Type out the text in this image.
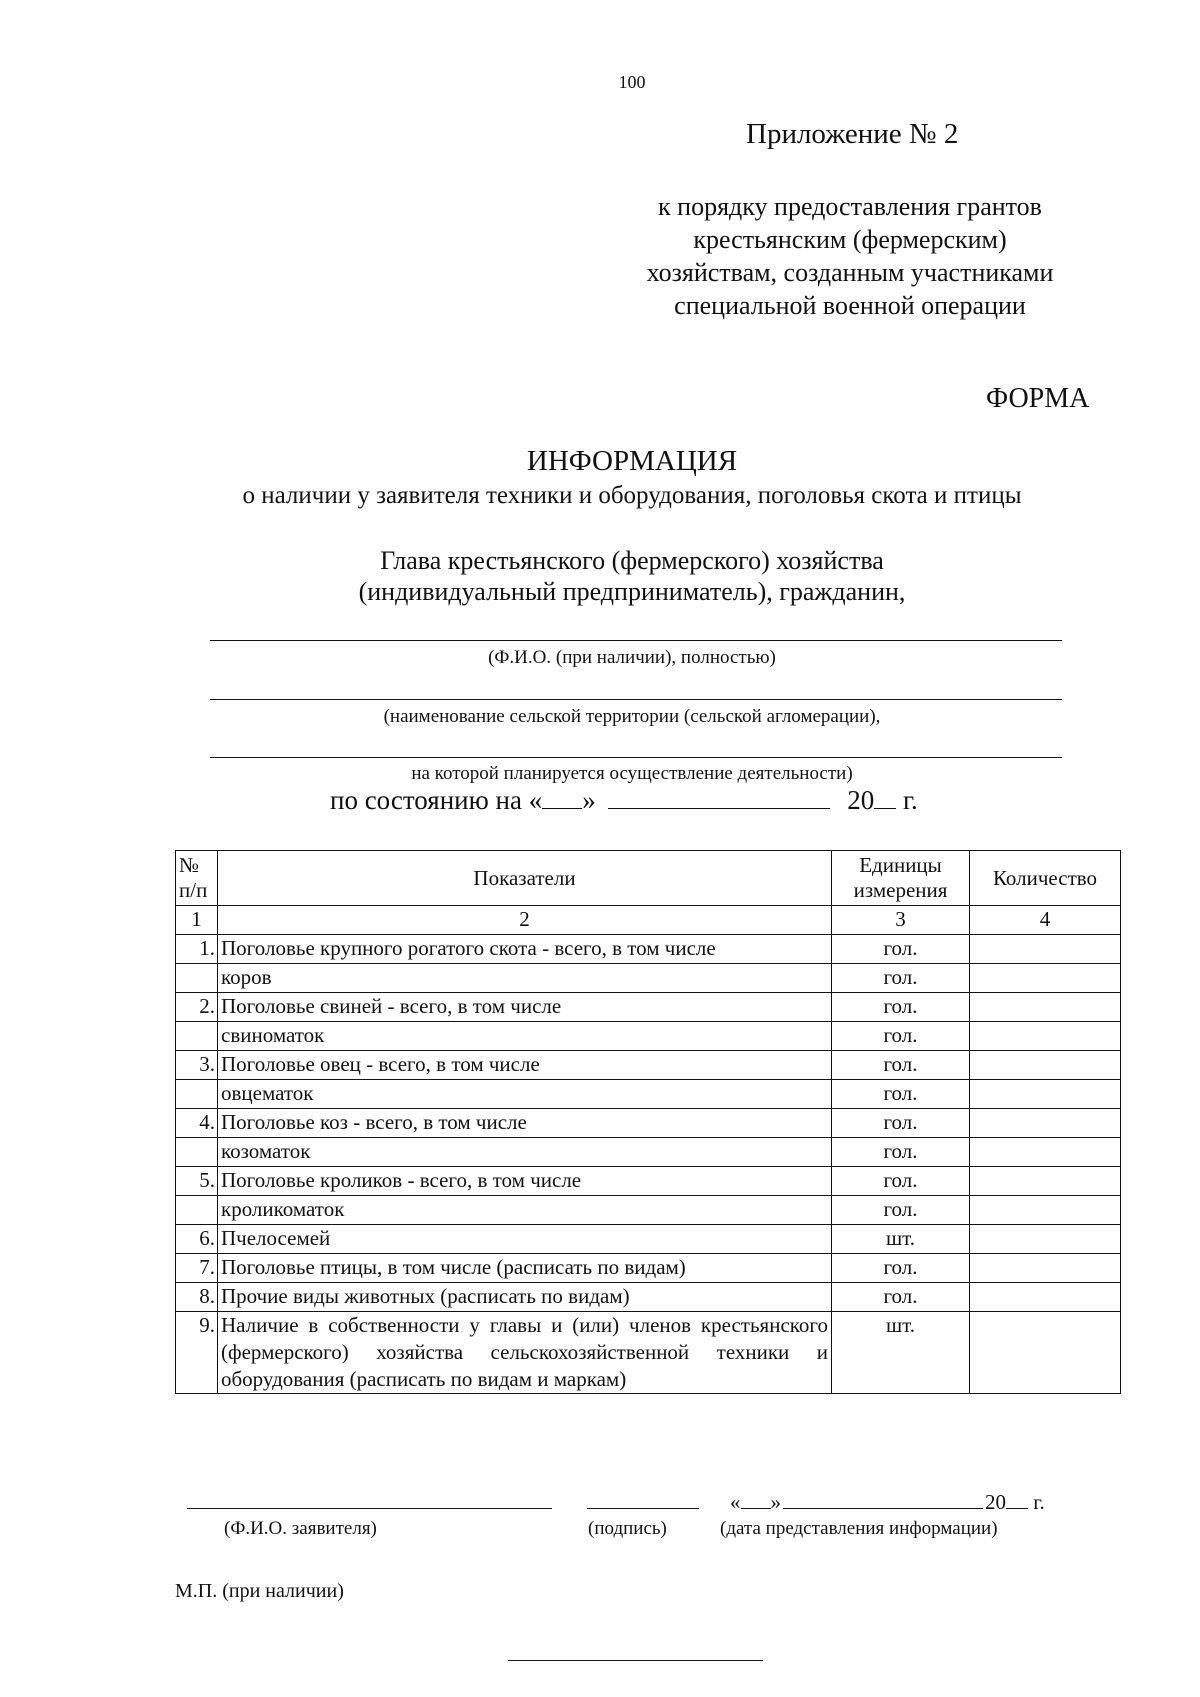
100
Приложение № 2
к порядку предоставления грантов
крестьянским (фермерским)
хозяйствам, созданным участниками
специальной военной операции
ФОРМА
ИНФОРМАЦИЯ
о наличии у заявителя техники и оборудования, поголовья скота и птицы
Глава крестьянского (фермерского) хозяйства
(индивидуальный предприниматель), гражданин,
(Ф.И.О. (при наличии), полностью)
(наименование сельской территории (сельской агломерации),
на которой планируется осуществление деятельности)
по состоянию на « »	20 г.
№ п/п	Показатели	Единицы измерения	Количество
1	2	3	4
1.	Поголовье крупного рогатого скота - всего, в том числе	гол.	
	коров	гол.	
2.	Поголовье свиней - всего, в том числе	гол.	
	свиноматок	гол.	
3.	Поголовье овец - всего, в том числе	гол.	
	овцематок	гол.	
4.	Поголовье коз - всего, в том числе	гол.	
	козоматок	гол.	
5.	Поголовье кроликов - всего, в том числе	гол.	
	кроликоматок	гол.	
6.	Пчелосемей	шт.	
7.	Поголовье птицы, в том числе (расписать по видам)	гол.	
8.	Прочие виды животных (расписать по видам)	гол.	
9.	Наличие в собственности у главы и (или) членов крестьянского (фермерского) хозяйства сельскохозяйственной техники и оборудования (расписать по видам и маркам)	шт.	
« »	20 г.
(Ф.И.О. заявителя)	(подпись)	(дата представления информации)
М.П. (при наличии)
